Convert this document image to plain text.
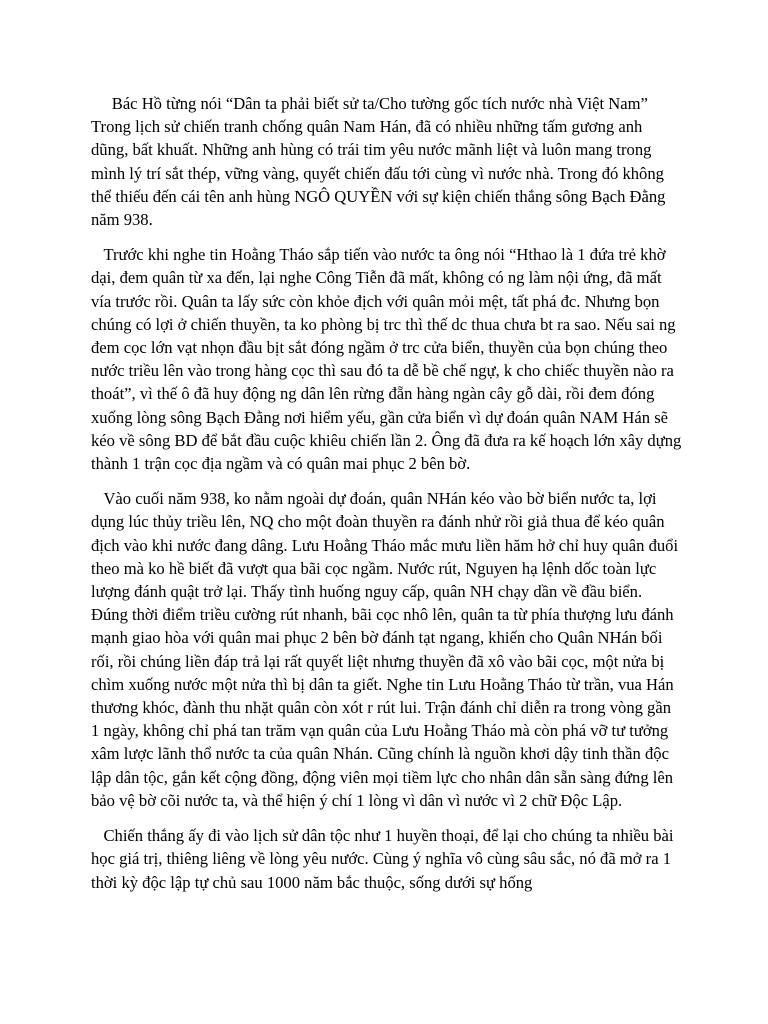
Bác Hồ từng nói “Dân ta phải biết sử ta/Cho tường gốc tích nước nhà Việt Nam” Trong lịch sử chiến tranh chống quân Nam Hán, đã có nhiều những tấm gương anh dũng, bất khuất. Những anh hùng có trái tim yêu nước mãnh liệt và luôn mang trong mình lý trí sắt thép, vững vàng, quyết chiến đấu tới cùng vì nước nhà. Trong đó không thể thiếu đến cái tên anh hùng NGÔ QUYỀN với sự kiện chiến thắng sông Bạch Đằng năm 938.

Trước khi nghe tin Hoằng Tháo sắp tiến vào nước ta ông nói “Hthao là 1 đứa trẻ khờ dại, đem quân từ xa đến, lại nghe Công Tiễn đã mất, không có ng làm nội ứng, đã mất vía trước rồi. Quân ta lấy sức còn khỏe địch với quân mỏi mệt, tất phá đc. Nhưng bọn chúng có lợi ở chiến thuyền, ta ko phòng bị trc thì thế dc thua chưa bt ra sao. Nếu sai ng đem cọc lớn vạt nhọn đầu bịt sắt đóng ngầm ở trc cửa biển, thuyền của bọn chúng theo nước triều lên vào trong hàng cọc thì sau đó ta dễ bề chế ngự, k cho chiếc thuyền nào ra thoát”, vì thế ô đã huy động ng dân lên rừng đẵn hàng ngàn cây gỗ dài, rồi đem đóng xuống lòng sông Bạch Đằng nơi hiểm yếu, gần cửa biển vì dự đoán quân NAM Hán sẽ kéo về sông BD để bắt đầu cuộc khiêu chiến lần 2. Ông đã đưa ra kế hoạch lớn xây dựng thành 1 trận cọc địa ngầm và có quân mai phục 2 bên bờ.

Vào cuối năm 938, ko nằm ngoài dự đoán, quân NHán kéo vào bờ biển nước ta, lợi dụng lúc thủy triều lên, NQ cho một đoàn thuyền ra đánh nhử rồi giả thua để kéo quân địch vào khi nước đang dâng. Lưu Hoằng Tháo mắc mưu liền hăm hở chỉ huy quân đuổi theo mà ko hề biết đã vượt qua bãi cọc ngầm. Nước rút, Nguyen hạ lệnh dốc toàn lực lượng đánh quật trở lại. Thấy tình huống nguy cấp, quân NH chạy dần về đầu biển. Đúng thời điểm triều cường rút nhanh, bãi cọc nhô lên, quân ta từ phía thượng lưu đánh mạnh giao hòa với quân mai phục 2 bên bờ đánh tạt ngang, khiến cho Quân NHán bối rối, rồi chúng liền đáp trả lại rất quyết liệt nhưng thuyền đã xô vào bãi cọc, một nửa bị chìm xuống nước một nửa thì bị dân ta giết. Nghe tin Lưu Hoằng Tháo từ trần, vua Hán thương khóc, đành thu nhặt quân còn xót r rút lui. Trận đánh chỉ diễn ra trong vòng gần 1 ngày, không chỉ phá tan trăm vạn quân của Lưu Hoằng Tháo mà còn phá vỡ tư tưởng xâm lược lãnh thổ nước ta của quân Nhán. Cũng chính là nguồn khơi dậy tinh thần độc lập dân tộc, gắn kết cộng đồng, động viên mọi tiềm lực cho nhân dân sẵn sàng đứng lên bảo vệ bờ cõi nước ta, và thể hiện ý chí 1 lòng vì dân vì nước vì 2 chữ Độc Lập.

Chiến thắng ấy đi vào lịch sử dân tộc như 1 huyền thoại, để lại cho chúng ta nhiều bài học giá trị, thiêng liêng về lòng yêu nước. Cùng ý nghĩa vô cùng sâu sắc, nó đã mở ra 1 thời kỳ độc lập tự chủ sau 1000 năm bắc thuộc, sống dưới sự hống
